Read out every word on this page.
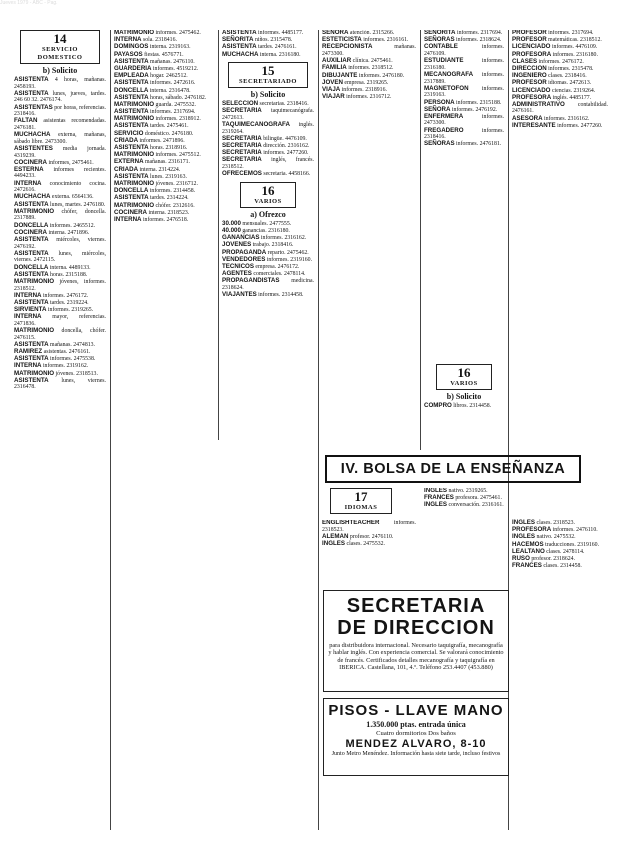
Jueves 1979 - ABC - Pag.
14
SERVICIO DOMESTICO
b) Solicito

ASISTENTA 4 horas, mañanas. 2458193.

ASISTENTA lunes, jueves, tardes. 246 60 32. 2476174.

ASISTENTAS por horas, referencias. 2318416.

FALTAN asistentas recomendadas. 2476181.

MUCHACHA externa, mañanas, sábado libre. 2473300.

ASISTENTES media jornada. 4319239.

COCINERA informes, 2475461.

ESTERNA informes recientes. 4494233.

INTERNA conocimiento cocina. 2472616.

MUCHACHA externa. 6564136.

ASISTENTA lunes, martes. 2476180.

MATRIMONIO chófer, doncella. 2317889.

DONCELLA informes. 2465512.

COCINERA interna. 2471896.

ASISTENTA miércoles, viernes. 2476192.

ASISTENTA lunes, miércoles, viernes. 2472115.

DONCELLA interna. 4489133.

ASISTENTA horas. 2315188.

MATRIMONIO jóvenes, informes. 2318512.

INTERNA informes. 2476172.

ASISTENTA tardes. 2319224.

SIRVIENTA informes. 2319265.

INTERNA mayor, referencias. 2471836.

MATRIMONIO doncella, chófer. 2476115.

ASISTENTA mañanas. 2474813.

RAMIREZ asistentas. 2476161.

ASISTENTA informes. 2475538.

INTERNA informes. 2319162.

MATRIMONIO jóvenes. 2318513.

ASISTENTA lunes, viernes. 2316478.

MATRIMONIO informes. 2475462.

INTERNA sola. 2318416.

DOMINGOS interna. 2319163.

PAYASOS fiestas. 4576771.

ASISTENTA mañanas. 2476110.

GUARDERIA informes. 4519212.

EMPLEADA hogar. 2462512.

ASISTENTA informes. 2472616.

DONCELLA interna. 2316478.

ASISTENTA horas, sábado. 2476182.

MATRIMONIO guarda. 2475532.

ASISTENTA informes. 2317694.

MATRIMONIO informes. 2318912.

ASISTENTA tardes. 2475461.

SERVICIO doméstico. 2476180.

CRIADA informes. 2471896.

ASISTENTA horas. 2318916.

MATRIMONIO informes. 2475512.

EXTERNA mañanas. 2316171.

CRIADA interna. 2314224.

ASISTENTA lunes. 2319163.

MATRIMONIO jóvenes. 2316712.

DONCELLA informes. 2314458.

ASISTENTA tardes. 2314224.

MATRIMONIO chófer. 2312616.

COCINERA interna. 2318523.

INTERNA informes. 2476518.

ASISTENTA informes. 4485177.

SEÑORITA niños. 2315478.

ASISTENTA tardes. 2476161.

MUCHACHA interna. 2316180.

15
SECRETARIADO
b) Solicito

SELECCION secretarias. 2318416.

SECRETARIA taquimecanógrafa. 2472613.

TAQUIMECANOGRAFA inglés. 2319264.

SECRETARIA bilingüe. 4476109.

SECRETARIA dirección. 2316162.

SECRETARIA informes. 2477260.

SECRETARIA inglés, francés. 2318512.

OFRECEMOS secretaria. 4458166.

16
VARIOS
a) Ofrezco

30.000 mensuales. 2477555.

40.000 ganancias. 2316180.

GANANCIAS informes. 2316162.

JOVENES trabajo. 2318416.

PROPAGANDA reparto. 2475462.

VENDEDORES informes. 2319160.

TECNICOS empresa. 2476172.

AGENTES comerciales. 2478114.

PROPAGANDISTAS medicina. 2318624.

VIAJANTES informes. 2314458.

SEÑORA atención. 2315266.

ESTETICISTA informes. 2316161.

RECEPCIONISTA mañanas. 2473300.

AUXILIAR clínica. 2475461.

FAMILIA informes. 2318512.

DIBUJANTE informes. 2476180.

JOVEN empresa. 2319265.

VIAJA informes. 2318916.

VIAJAR informes. 2316712.

SEÑORITA informes. 2317694.

SEÑORAS informes. 2318624.

CONTABLE informes. 2476109.

ESTUDIANTE informes. 2316180.

MECANOGRAFA informes. 2317889.

MAGNETOFON informes. 2319163.

PERSONA informes. 2315188.

SEÑORA informes. 2476192.

ENFERMERA informes. 2473300.

FREGADERO informes. 2318416.

SEÑORAS informes. 2476181.

16
VARIOS
b) Solicito

COMPRO libros. 2314458.

PROFESOR informes. 2317694.

PROFESOR matemáticas. 2318512.

LICENCIADO informes. 4476109.

PROFESORA informes. 2316180.

CLASES informes. 2476172.

DIRECCION informes. 2315478.

INGENIERO clases. 2318416.

PROFESOR idiomas. 2472613.

LICENCIADO ciencias. 2319264.

PROFESORA inglés. 4485177.

ADMINISTRATIVO contabilidad. 2476161.

ASESORA informes. 2316162.

INTERESANTE informes. 2477260.

INGLES clases. 2318523.

PROFESORA informes. 2476110.

INGLES nativo. 2475532.

HACEMOS traducciones. 2319160.

LEALTANO clases. 2478114.

RUSO profesor. 2318624.

FRANCES clases. 2314458.

IV. BOLSA DE LA ENSEÑANZA
17
IDIOMAS

ENGLISHTEACHER informes. 2318523.

ALEMAN profesor. 2476110.

INGLES clases. 2475532.

INGLES nativo. 2319265.

FRANCES profesora. 2475461.

INGLES conversación. 2316161.

SECRETARIA
DE DIRECCION
para distribuidora internacional. Necesario taquigrafía, mecanografía y hablar inglés. Con experiencia comercial. Se valorará conocimiento de francés. Certificados detalles mecanografía y taquigrafía en IBERICA. Castellana, 101, 4.º. Teléfono 253.4407 (453.880)
PISOS - LLAVE MANO
1.350.000 ptas. entrada única
Cuatro dormitorios Dos baños
MENDEZ ALVARO, 8-10
Junto Metro Menéndez. Información hasta siete tarde, incluso festivos
